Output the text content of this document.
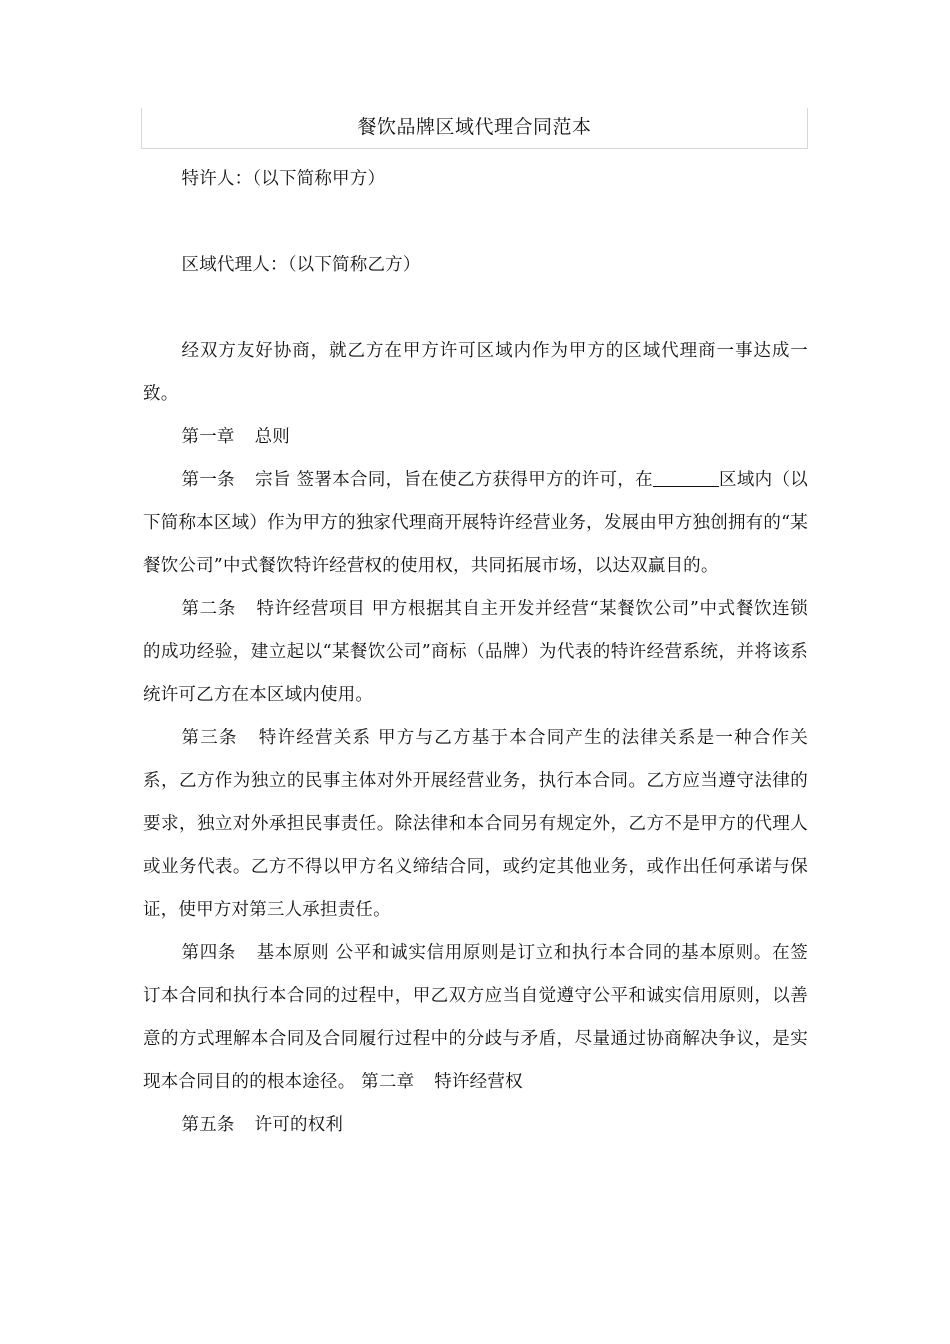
餐饮品牌区域代理合同范本

特许人：（以下简称甲方）

区域代理人：（以下简称乙方）

经双方友好协商，就乙方在甲方许可区域内作为甲方的区域代理商一事达成一致。

第一章 总则

第一条 宗旨 签署本合同，旨在使乙方获得甲方的许可，在	区域内（以下简称本区域）作为甲方的独家代理商开展特许经营业务，发展由甲方独创拥有的“某餐饮公司”中式餐饮特许经营权的使用权，共同拓展市场，以达双赢目的。

第二条 特许经营项目 甲方根据其自主开发并经营“某餐饮公司”中式餐饮连锁的成功经验，建立起以“某餐饮公司”商标（品牌）为代表的特许经营系统，并将该系统许可乙方在本区域内使用。

第三条 特许经营关系 甲方与乙方基于本合同产生的法律关系是一种合作关系，乙方作为独立的民事主体对外开展经营业务，执行本合同。乙方应当遵守法律的要求，独立对外承担民事责任。除法律和本合同另有规定外，乙方不是甲方的代理人或业务代表。乙方不得以甲方名义缔结合同，或约定其他业务，或作出任何承诺与保证，使甲方对第三人承担责任。

第四条 基本原则 公平和诚实信用原则是订立和执行本合同的基本原则。在签订本合同和执行本合同的过程中，甲乙双方应当自觉遵守公平和诚实信用原则，以善意的方式理解本合同及合同履行过程中的分歧与矛盾，尽量通过协商解决争议，是实现本合同目的的根本途径。 第二章 特许经营权

第五条 许可的权利
